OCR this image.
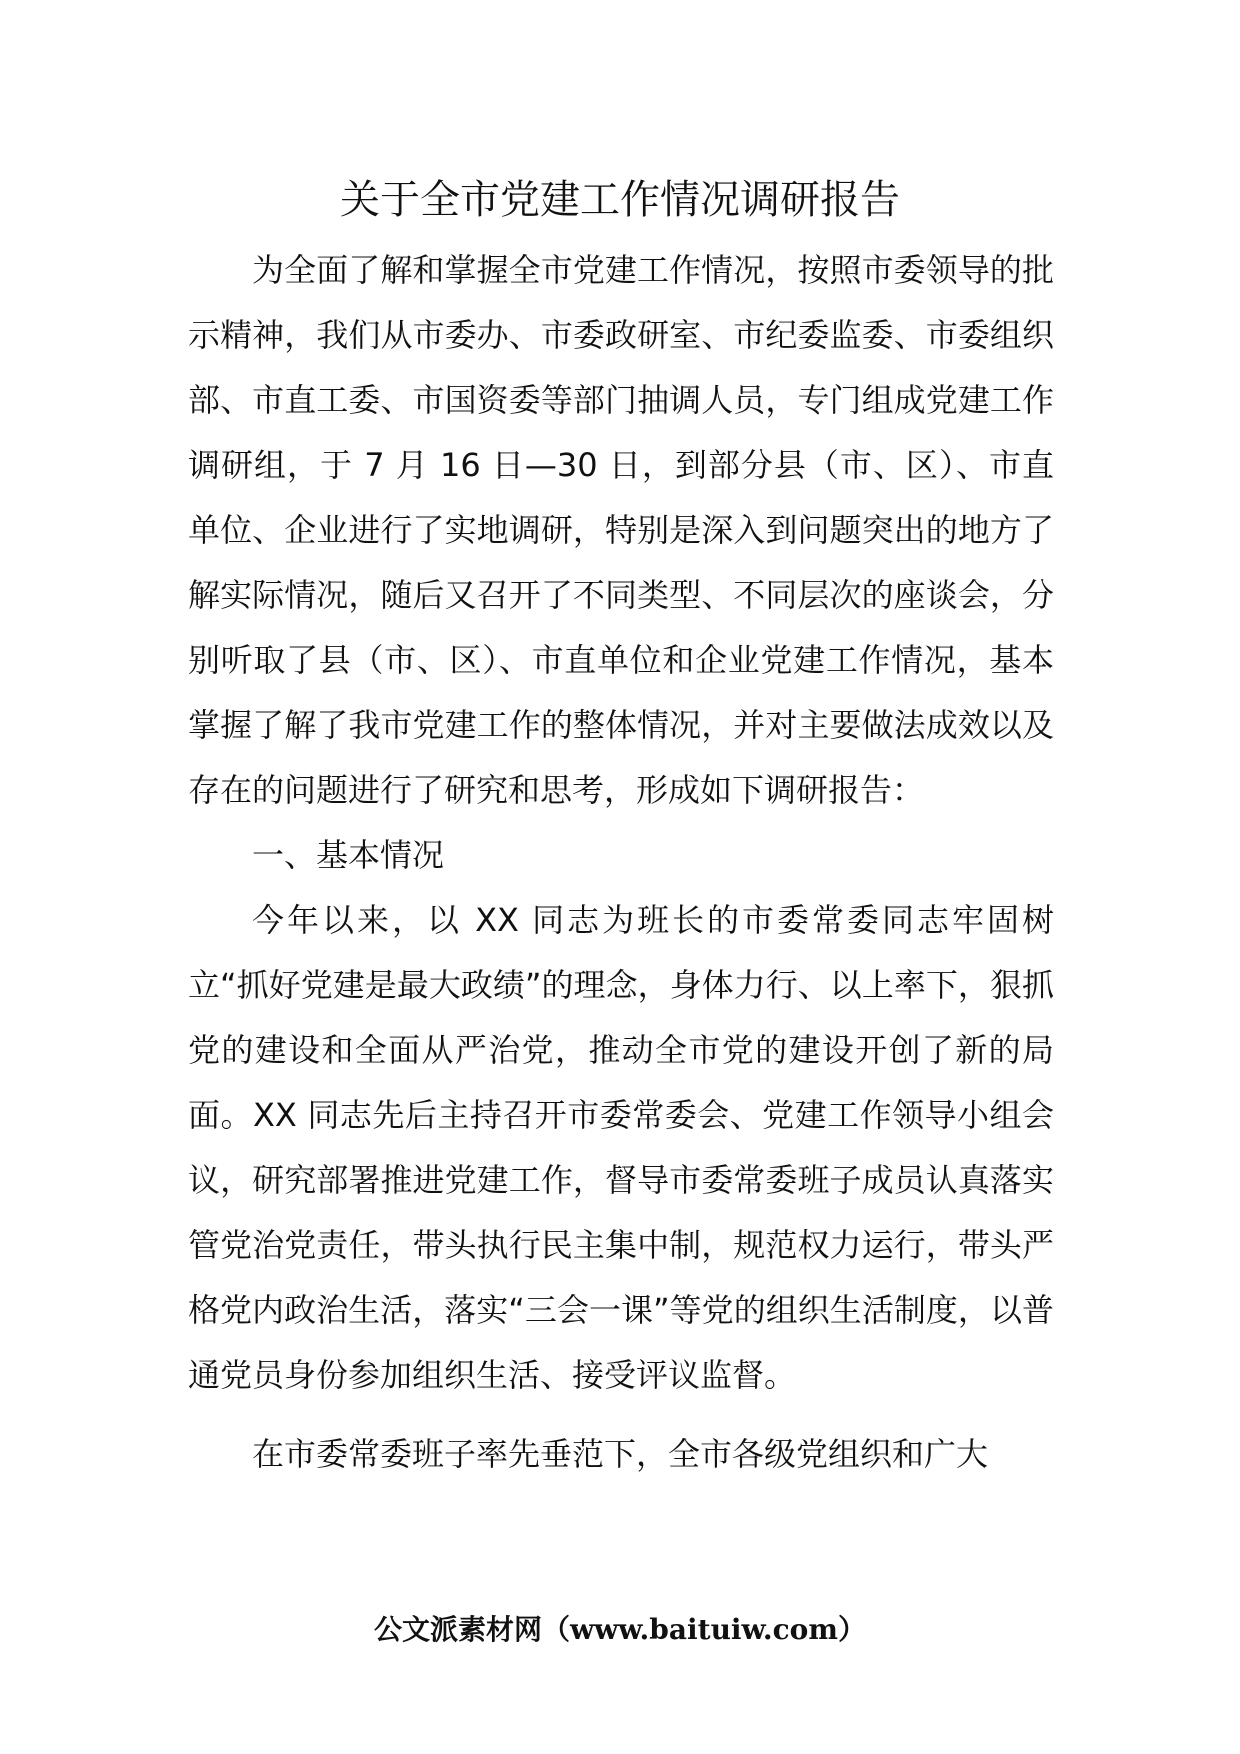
关于全市党建工作情况调研报告

为全面了解和掌握全市党建工作情况，按照市委领导的批示精神，我们从市委办、市委政研室、市纪委监委、市委组织部、市直工委、市国资委等部门抽调人员，专门组成党建工作调研组，于 7 月 16 日—30 日，到部分县（市、区）、市直单位、企业进行了实地调研，特别是深入到问题突出的地方了解实际情况，随后又召开了不同类型、不同层次的座谈会，分别听取了县（市、区）、市直单位和企业党建工作情况，基本掌握了解了我市党建工作的整体情况，并对主要做法成效以及存在的问题进行了研究和思考，形成如下调研报告：

一、基本情况

今年以来，以 XX 同志为班长的市委常委同志牢固树立“抓好党建是最大政绩”的理念，身体力行、以上率下，狠抓党的建设和全面从严治党，推动全市党的建设开创了新的局面。XX 同志先后主持召开市委常委会、党建工作领导小组会议，研究部署推进党建工作，督导市委常委班子成员认真落实管党治党责任，带头执行民主集中制，规范权力运行，带头严格党内政治生活，落实“三会一课”等党的组织生活制度，以普通党员身份参加组织生活、接受评议监督。

在市委常委班子率先垂范下，全市各级党组织和广大

公文派素材网（www.baituiw.com）
